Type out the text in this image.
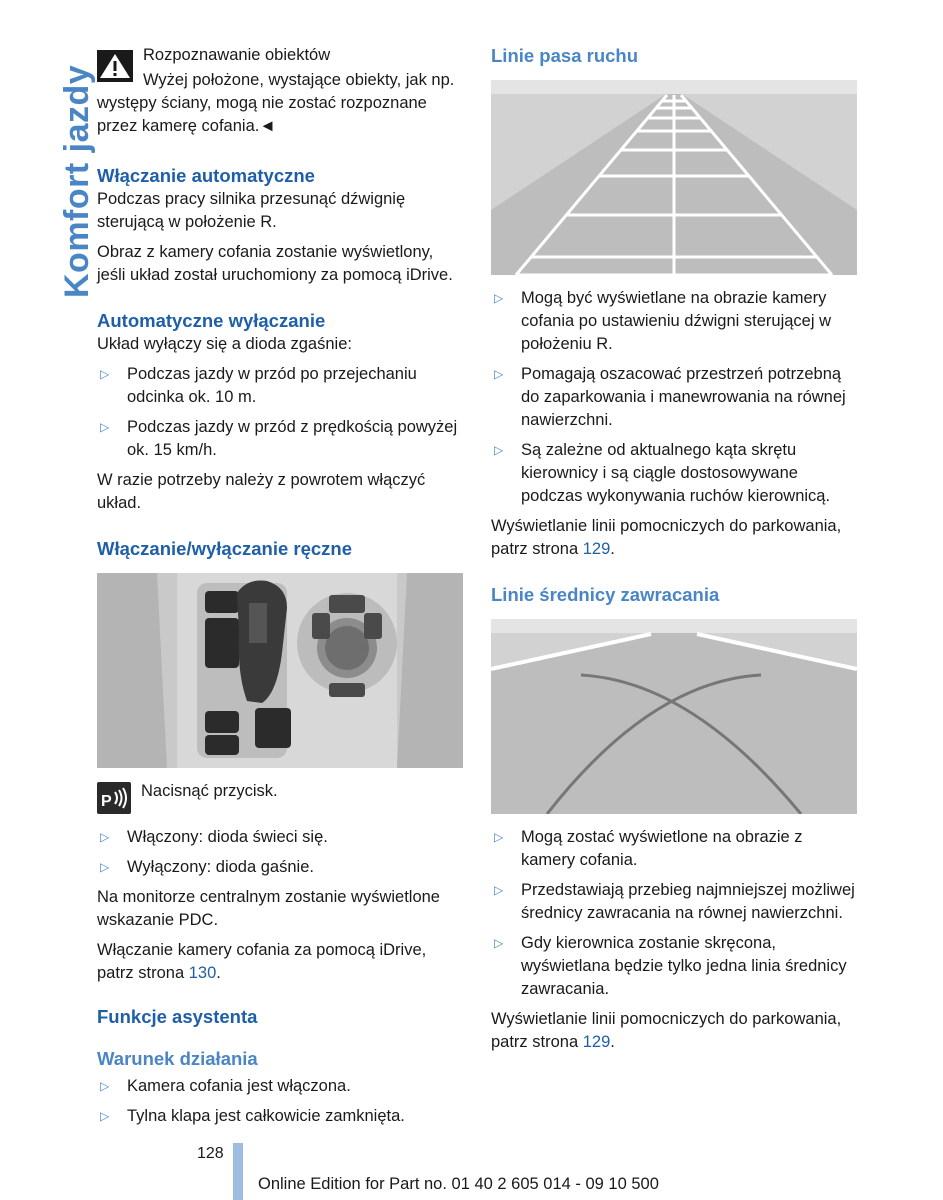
Komfort jazdy

Rozpoznawanie obiektów

Wyżej położone, wystające obiekty, jak np. występy ściany, mogą nie zostać rozpoznane przez kamerę cofania.◄

Włączanie automatyczne

Podczas pracy silnika przesunąć dźwignię sterującą w położenie R.

Obraz z kamery cofania zostanie wyświetlony, jeśli układ został uruchomiony za pomocą iDrive.

Automatyczne wyłączanie

Układ wyłączy się a dioda zgaśnie:

▷ Podczas jazdy w przód po przejechaniu odcinka ok. 10 m.
▷ Podczas jazdy w przód z prędkością powyżej ok. 15 km/h.

W razie potrzeby należy z powrotem włączyć układ.

Włączanie/wyłączanie ręczne
P

Nacisnąć przycisk.

▷ Włączony: dioda świeci się.
▷ Wyłączony: dioda gaśnie.

Na monitorze centralnym zostanie wyświetlone wskazanie PDC.

Włączanie kamery cofania za pomocą iDrive, patrz strona 130.

Funkcje asystenta
Warunek działania
▷ Kamera cofania jest włączona.
▷ Tylna klapa jest całkowicie zamknięta.
Linie pasa ruchu
▷ Mogą być wyświetlane na obrazie kamery cofania po ustawieniu dźwigni sterującej w położeniu R.
▷ Pomagają oszacować przestrzeń potrzebną do zaparkowania i manewrowania na równej nawierzchni.
▷ Są zależne od aktualnego kąta skrętu kierownicy i są ciągle dostosowywane podczas wykonywania ruchów kierownicą.

Wyświetlanie linii pomocniczych do parkowania, patrz strona 129.

Linie średnicy zawracania
▷ Mogą zostać wyświetlone na obrazie z kamery cofania.
▷ Przedstawiają przebieg najmniejszej możliwej średnicy zawracania na równej nawierzchni.
▷ Gdy kierownica zostanie skręcona, wyświetlana będzie tylko jedna linia średnicy zawracania.

Wyświetlanie linii pomocniczych do parkowania, patrz strona 129.

128
Online Edition for Part no. 01 40 2 605 014 - 09 10 500
